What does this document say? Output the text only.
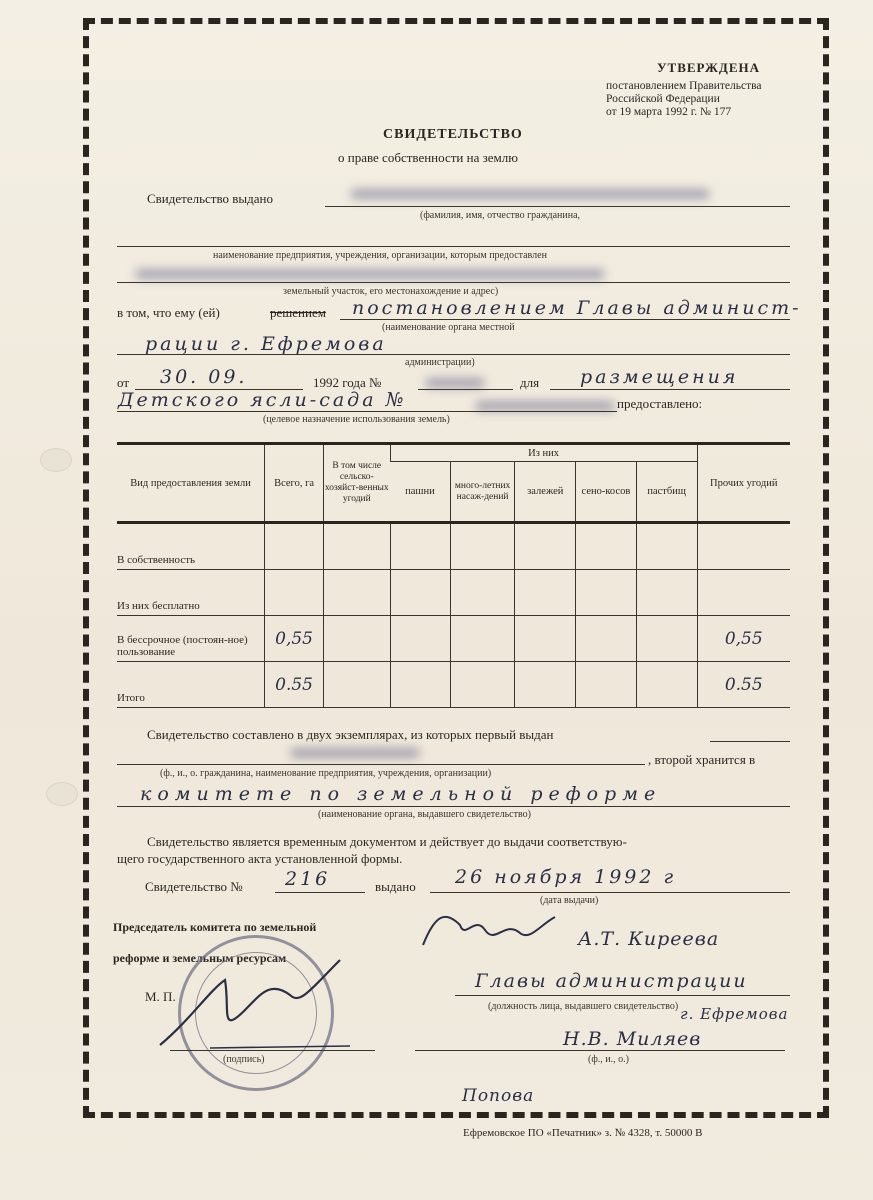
УТВЕРЖДЕНА
постановлением Правительства
Российской Федерации
от 19 марта 1992 г. № 177
СВИДЕТЕЛЬСТВО
о праве собственности на землю
Свидетельство выдано
(фамилия, имя, отчество гражданина,
наименование предприятия, учреждения, организации, которым предоставлен
земельный участок, его местонахождение и адрес)
в том, что ему (ей)	решением постановлением Главы админист-
(наименование органа местной
рации г. Ефремова
администрации)
от 30. 09.	1992 года №	для размещения
Детского ясли-сада №	предоставлено:
(целевое назначение использования земель)
Вид предоставления земли	Всего, га	В том числе сельско-хозяйст-венных угодий	Из них					Прочих угодий
			пашни	много-летних насаж-дений	залежей	сено-косов	пастбищ	
В собственность								
Из них бесплатно								
В бессрочное (постоян-ное) пользование	0,55							0,55
Итого	0.55							0.55
Свидетельство составлено в двух экземплярах, из которых первый выдан
, второй хранится в
(ф., и., о. гражданина, наименование предприятия, учреждения, организации)
комитете по земельной реформе
(наименование органа, выдавшего свидетельство)
Свидетельство является временным документом и действует до выдачи соответствую-
щего государственного акта установленной формы.
Свидетельство № 216	выдано 26 ноября 1992 г
(дата выдачи)
Председатель комитета по земельной
реформе и земельным ресурсам
М. П.
(подпись)
А.Т. Киреева
Главы администрации
(должность лица, выдавшего свидетельство) г. Ефремова
Н.В. Миляев
(ф., и., о.)
Попова
Ефремовское ПО «Печатник» з. № 4328, т. 50000 В
